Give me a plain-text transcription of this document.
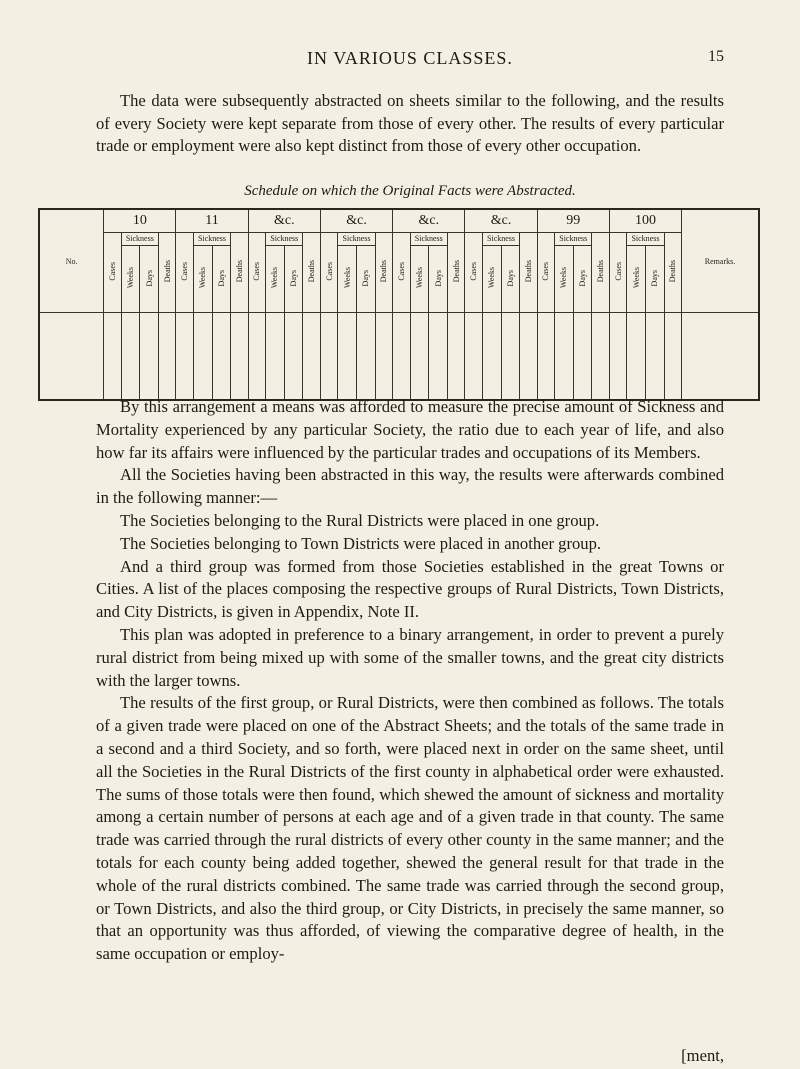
IN VARIOUS CLASSES.	15

The data were subsequently abstracted on sheets similar to the following, and the results of every Society were kept separate from those of every other. The results of every particular trade or employment were also kept distinct from those of every other occupation.

Schedule on which the Original Facts were Abstracted.
No.	10				11				&c.				&c.				&c.				&c.				99				100				Remarks.
	Cases	Sickness		Deaths	Cases	Sickness		Deaths	Cases	Sickness		Deaths	Cases	Sickness		Deaths	Cases	Sickness		Deaths	Cases	Sickness		Deaths	Cases	Sickness		Deaths	Cases	Sickness		Deaths	
		Weeks	Days			Weeks	Days			Weeks	Days			Weeks	Days			Weeks	Days			Weeks	Days			Weeks	Days			Weeks	Days		

By this arrangement a means was afforded to measure the precise amount of Sickness and Mortality experienced by any particular Society, the ratio due to each year of life, and also how far its affairs were influenced by the particular trades and occupations of its Members.

All the Societies having been abstracted in this way, the results were afterwards combined in the following manner:—

The Societies belonging to the Rural Districts were placed in one group.

The Societies belonging to Town Districts were placed in another group.

And a third group was formed from those Societies established in the great Towns or Cities. A list of the places composing the respective groups of Rural Districts, Town Districts, and City Districts, is given in Appendix, Note II.

This plan was adopted in preference to a binary arrangement, in order to prevent a purely rural district from being mixed up with some of the smaller towns, and the great city districts with the larger towns.

The results of the first group, or Rural Districts, were then combined as follows. The totals of a given trade were placed on one of the Abstract Sheets; and the totals of the same trade in a second and a third Society, and so forth, were placed next in order on the same sheet, until all the Societies in the Rural Districts of the first county in alphabetical order were exhausted. The sums of those totals were then found, which shewed the amount of sickness and mortality among a certain number of persons at each age and of a given trade in that county. The same trade was carried through the rural districts of every other county in the same manner; and the totals for each county being added together, shewed the general result for that trade in the whole of the rural districts combined. The same trade was carried through the second group, or Town Districts, and also the third group, or City Districts, in precisely the same manner, so that an opportunity was thus afforded, of viewing the comparative degree of health, in the same occupation or employ-

[ment,
